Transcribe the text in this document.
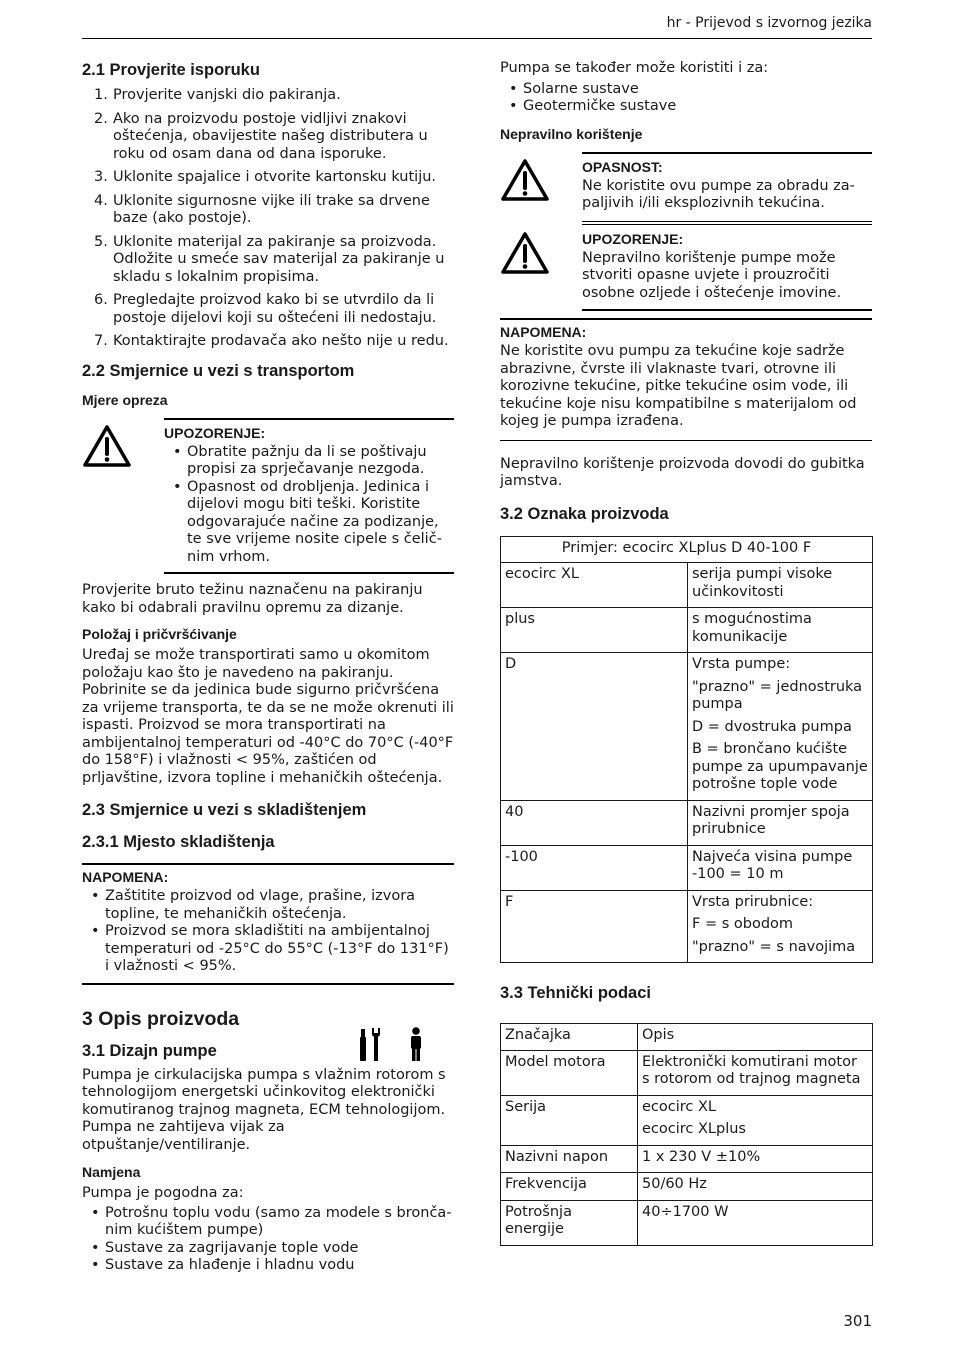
hr - Prijevod s izvornog jezika
2.1 Provjerite isporuku
1. Provjerite vanjski dio pakiranja.
2. Ako na proizvodu postoje vidljivi znakovi oštećenja, obavijestite našeg distributera u roku od osam dana od dana isporuke.
3. Uklonite spajalice i otvorite kartonsku kutiju.
4. Uklonite sigurnosne vijke ili trake sa drvene baze (ako postoje).
5. Uklonite materijal za pakiranje sa proizvoda. Odložite u smeće sav materijal za pakiranje u skladu s lokalnim propisima.
6. Pregledajte proizvod kako bi se utvrdilo da li postoje dijelovi koji su oštećeni ili nedostaju.
7. Kontaktirajte prodavača ako nešto nije u redu.
2.2 Smjernice u vezi s transportom
Mjere opreza
UPOZORENJE:
• Obratite pažnju da li se poštivaju propisi za sprječavanje nezgoda.
• Opasnost od drobljenja. Jedinica i dijelovi mogu biti teški. Koristite odgovarajuće načine za podizanje, te sve vrijeme nosite cipele s čeličnim vrhom.

Provjerite bruto težinu naznačenu na pakiranju kako bi odabrali pravilnu opremu za dizanje.

Položaj i pričvršćivanje

Uređaj se može transportirati samo u okomitom položaju kao što je navedeno na pakiranju. Pobrinite se da jedinica bude sigurno pričvršćena za vrijeme transporta, te da se ne može okrenuti ili ispasti. Proizvod se mora transportirati na ambijentalnoj temperaturi od -40°C do 70°C (-40°F do 158°F) i vlažnosti < 95%, zaštićen od prljavštine, izvora topline i mehaničkih oštećenja.

2.3 Smjernice u vezi s skladištenjem
2.3.1 Mjesto skladištenja
NAPOMENA:
• Zaštitite proizvod od vlage, prašine, izvora topline, te mehaničkih oštećenja.
• Proizvod se mora skladištiti na ambijentalnoj temperaturi od -25°C do 55°C (-13°F do 131°F) i vlažnosti < 95%.
3 Opis proizvoda
3.1 Dizajn pumpe

Pumpa je cirkulacijska pumpa s vlažnim rotorom s tehnologijom energetski učinkovitog elektronički komutiranog trajnog magneta, ECM tehnologijom. Pumpa ne zahtijeva vijak za otpuštanje/ventiliranje.

Namjena

Pumpa je pogodna za:

• Potrošnu toplu vodu (samo za modele s brončanim kućištem pumpe)
• Sustave za zagrijavanje tople vode
• Sustave za hlađenje i hladnu vodu

Pumpa se također može koristiti i za:

• Solarne sustave
• Geotermičke sustave
Nepravilno korištenje
OPASNOST:

Ne koristite ovu pumpe za obradu zapaljivih i/ili eksplozivnih tekućina.

UPOZORENJE:

Nepravilno korištenje pumpe može stvoriti opasne uvjete i prouzročiti osobne ozljede i oštećenje imovine.

NAPOMENA:

Ne koristite ovu pumpu za tekućine koje sadrže abrazivne, čvrste ili vlaknaste tvari, otrovne ili korozivne tekućine, pitke tekućine osim vode, ili tekućine koje nisu kompatibilne s materijalom od kojeg je pumpa izrađena.

Nepravilno korištenje proizvoda dovodi do gubitka jamstva.

3.2 Oznaka proizvoda
Primjer: ecocirc XLplus D 40-100 F	
ecocirc XL	serija pumpi visoke učinkovitosti

plus	s mogućnostima komunikacije

D	Vrsta pumpe:

"prazno" = jednostruka pumpa

D = dvostruka pumpa

B = brončano kućište pumpe za upumpavanje potrošne tople vode

40	Nazivni promjer spoja prirubnice

-100	Najveća visina pumpe -100 = 10 m

F	Vrsta prirubnice:

F = s obodom

"prazno" = s navojima

3.3 Tehnički podaci
Značajka	Opis
Model motora	Elektronički komutirani motor s rotorom od trajnog magneta

Serija	ecocirc XL

ecocirc XLplus

Nazivni napon	1 x 230 V ±10%

Frekvencija	50/60 Hz

Potrošnja energije	40÷1700 W

301
